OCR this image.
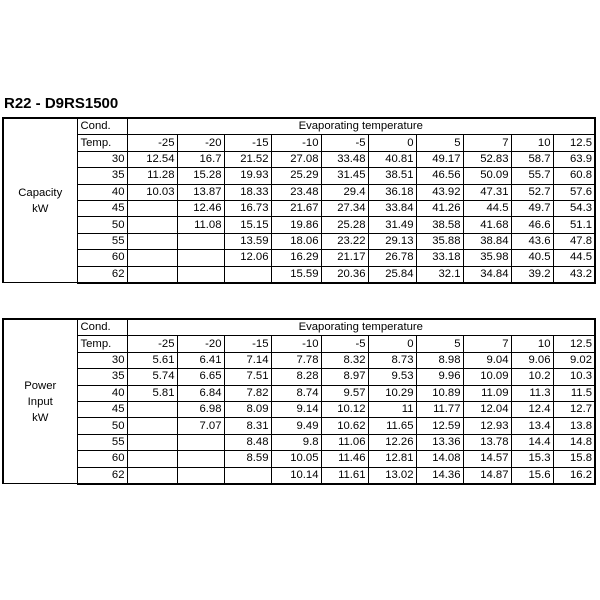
R22 - D9RS1500
Capacity
kW	Cond.	Evaporating temperature									
	Temp.	-25	-20	-15	-10	-5	0	5	7	10	12.5
	30	12.54	16.7	21.52	27.08	33.48	40.81	49.17	52.83	58.7	63.9
	35	11.28	15.28	19.93	25.29	31.45	38.51	46.56	50.09	55.7	60.8
	40	10.03	13.87	18.33	23.48	29.4	36.18	43.92	47.31	52.7	57.6
	45		12.46	16.73	21.67	27.34	33.84	41.26	44.5	49.7	54.3
	50		11.08	15.15	19.86	25.28	31.49	38.58	41.68	46.6	51.1
	55			13.59	18.06	23.22	29.13	35.88	38.84	43.6	47.8
	60			12.06	16.29	21.17	26.78	33.18	35.98	40.5	44.5
	62				15.59	20.36	25.84	32.1	34.84	39.2	43.2
Power
Input
kW	Cond.	Evaporating temperature									
	Temp.	-25	-20	-15	-10	-5	0	5	7	10	12.5
	30	5.61	6.41	7.14	7.78	8.32	8.73	8.98	9.04	9.06	9.02
	35	5.74	6.65	7.51	8.28	8.97	9.53	9.96	10.09	10.2	10.3
	40	5.81	6.84	7.82	8.74	9.57	10.29	10.89	11.09	11.3	11.5
	45		6.98	8.09	9.14	10.12	11	11.77	12.04	12.4	12.7
	50		7.07	8.31	9.49	10.62	11.65	12.59	12.93	13.4	13.8
	55			8.48	9.8	11.06	12.26	13.36	13.78	14.4	14.8
	60			8.59	10.05	11.46	12.81	14.08	14.57	15.3	15.8
	62				10.14	11.61	13.02	14.36	14.87	15.6	16.2
